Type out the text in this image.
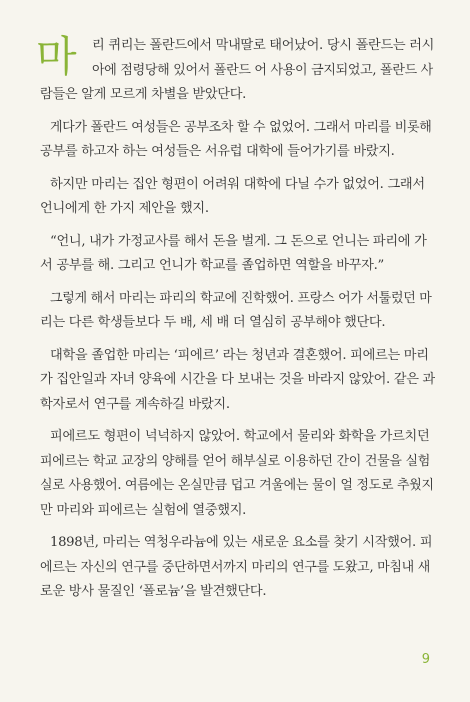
마	리 퀴리는 폴란드에서 막내딸로 태어났어. 당시 폴란드는 러시
아에 점령당해 있어서 폴란드 어 사용이 금지되었고, 폴란드 사
람들은 알게 모르게 차별을 받았단다.
게다가 폴란드 여성들은 공부조차 할 수 없었어. 그래서 마리를 비롯해
공부를 하고자 하는 여성들은 서유럽 대학에 들어가기를 바랐지.
하지만 마리는 집안 형편이 어려워 대학에 다닐 수가 없었어. 그래서
언니에게 한 가지 제안을 했지.
“언니, 내가 가정교사를 해서 돈을 벌게. 그 돈으로 언니는 파리에 가
서 공부를 해. 그리고 언니가 학교를 졸업하면 역할을 바꾸자.”
그렇게 해서 마리는 파리의 학교에 진학했어. 프랑스 어가 서툴렀던 마
리는 다른 학생들보다 두 배, 세 배 더 열심히 공부해야 했단다.
대학을 졸업한 마리는 ‘피에르’ 라는 청년과 결혼했어. 피에르는 마리
가 집안일과 자녀 양육에 시간을 다 보내는 것을 바라지 않았어. 같은 과
학자로서 연구를 계속하길 바랐지.
피에르도 형편이 넉넉하지 않았어. 학교에서 물리와 화학을 가르치던
피에르는 학교 교장의 양해를 얻어 해부실로 이용하던 간이 건물을 실험
실로 사용했어. 여름에는 온실만큼 덥고 겨울에는 물이 얼 정도로 추웠지
만 마리와 피에르는 실험에 열중했지.
1898년, 마리는 역청우라늄에 있는 새로운 요소를 찾기 시작했어. 피
에르는 자신의 연구를 중단하면서까지 마리의 연구를 도왔고, 마침내 새
로운 방사 물질인 ‘폴로늄’을 발견했단다.
9
